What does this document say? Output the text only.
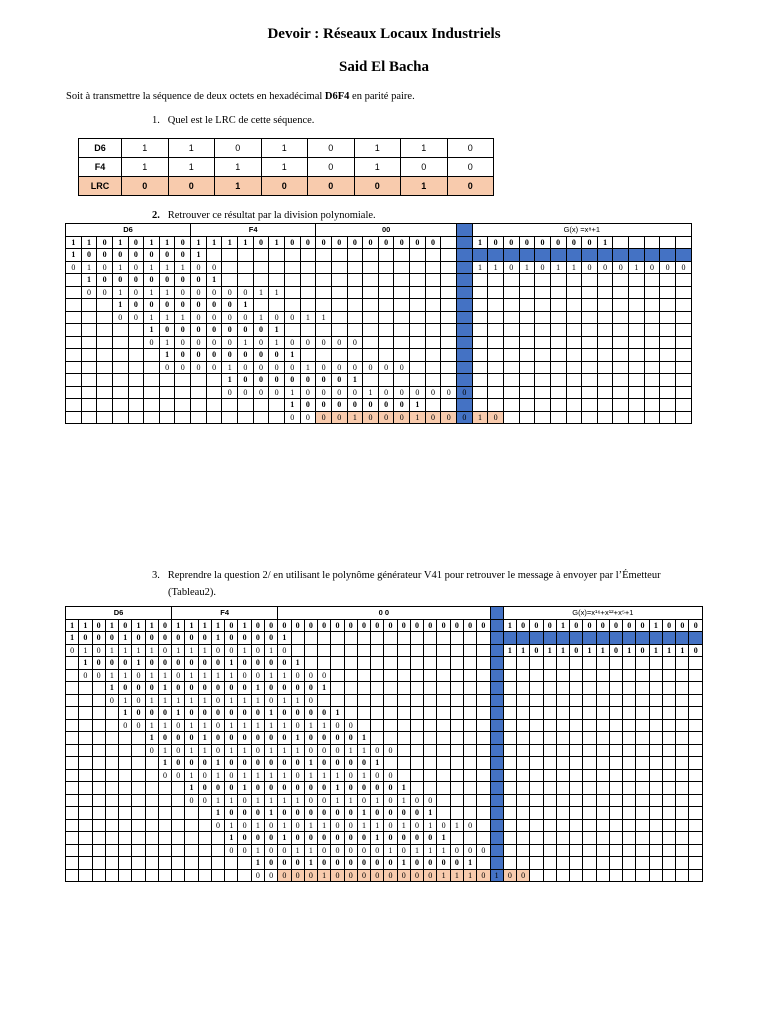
Devoir : Réseaux Locaux Industriels
Said El Bacha
Soit à transmettre la séquence de deux octets en hexadécimal D6F4 en parité paire.
1. Quel est le LRC de cette séquence.
D6	1	1	0	1	0	1	1	0
F4	1	1	1	1	0	1	0	0
LRC	0	0	1	0	0	0	1	0
2. Retrouver ce résultat par la division polynomiale.
D6								F4								00										G(x) =x⁸+1													
1	1	0	1	0	1	1	0	1	1	1	1	0	1	0	0	0	0	0	0	0	0	0	0			1	0	0	0	0	0	0	0	1					
1	0	0	0	0	0	0	0	1																															
0	1	0	1	0	1	1	1	0	0																	1	1	0	1	0	1	1	0	0	0	1	0	0	0
	1	0	0	0	0	0	0	0	1																														
	0	0	1	0	1	1	0	0	0	0	0	1	1																										
			1	0	0	0	0	0	0	0	1																												
			0	0	1	1	1	0	0	0	0	1	0	0	1	1																							
					1	0	0	0	0	0	0	0	1																										
					0	1	0	0	0	0	1	0	1	0	0	0	0	0																					
						1	0	0	0	0	0	0	0	1																									
						0	0	0	0	1	0	0	0	0	1	0	0	0	0	0	0																		
										1	0	0	0	0	0	0	0	1																					
										0	0	0	0	1	0	0	0	0	1	0	0	0	0	0	0														
														1	0	0	0	0	0	0	0	1																	
														0	0	0	0	1	0	0	0	1	0	0	0	1	0												
3. Reprendre la question 2/ en utilisant le polynôme générateur V41 pour retrouver le message à envoyer par l’Émetteur
(Tableau2).
D6								F4								0 0																	G(x)=x¹⁶+x¹²+x⁵+1														
1	1	0	1	0	1	1	0	1	1	1	1	0	1	0	0	0	0	0	0	0	0	0	0	0	0	0	0	0	0	0	0		1	0	0	0	1	0	0	0	0	0	0	1	0	0	0
1	0	0	0	1	0	0	0	0	0	0	1	0	0	0	0	1																															
0	1	0	1	1	1	1	0	1	1	1	0	0	1	0	1	0																	1	1	0	1	1	0	1	1	0	1	0	1	1	1	0
	1	0	0	0	1	0	0	0	0	0	0	1	0	0	0	0	1																														
	0	0	1	1	0	1	1	0	1	1	1	1	0	0	1	1	0	0	0																												
			1	0	0	0	1	0	0	0	0	0	0	1	0	0	0	0	1																												
			0	1	0	1	1	1	1	1	0	1	1	1	0	1	1	0																													
				1	0	0	0	1	0	0	0	0	0	0	1	0	0	0	0	1																											
				0	0	1	1	0	1	1	0	1	1	1	1	1	0	1	1	0	0																										
						1	0	0	0	1	0	0	0	0	0	0	1	0	0	0	0	1																									
						0	1	0	1	1	0	1	1	0	1	1	1	0	0	0	1	1	0	0																							
							1	0	0	0	1	0	0	0	0	0	0	1	0	0	0	0	1																								
							0	0	1	0	1	0	1	1	1	1	0	1	1	1	0	1	0	0																							
									1	0	0	0	1	0	0	0	0	0	0	1	0	0	0	0	1																						
									0	0	1	1	0	1	1	1	1	0	0	1	1	0	1	0	1	0	0																				
											1	0	0	0	1	0	0	0	0	0	0	1	0	0	0	0	1																				
											0	1	0	1	0	1	0	1	1	0	0	1	1	0	1	0	1	0	1	0																	
												1	0	0	0	1	0	0	0	0	0	0	1	0	0	0	0	1																			
												0	0	1	0	0	1	1	0	0	0	0	0	1	0	1	1	1	0	0	0																
														1	0	0	0	1	0	0	0	0	0	0	1	0	0	0	0	1																	
														0	0	0	0	0	1	0	0	0	0	0	0	0	0	1	1	1	0	1	0	0													
